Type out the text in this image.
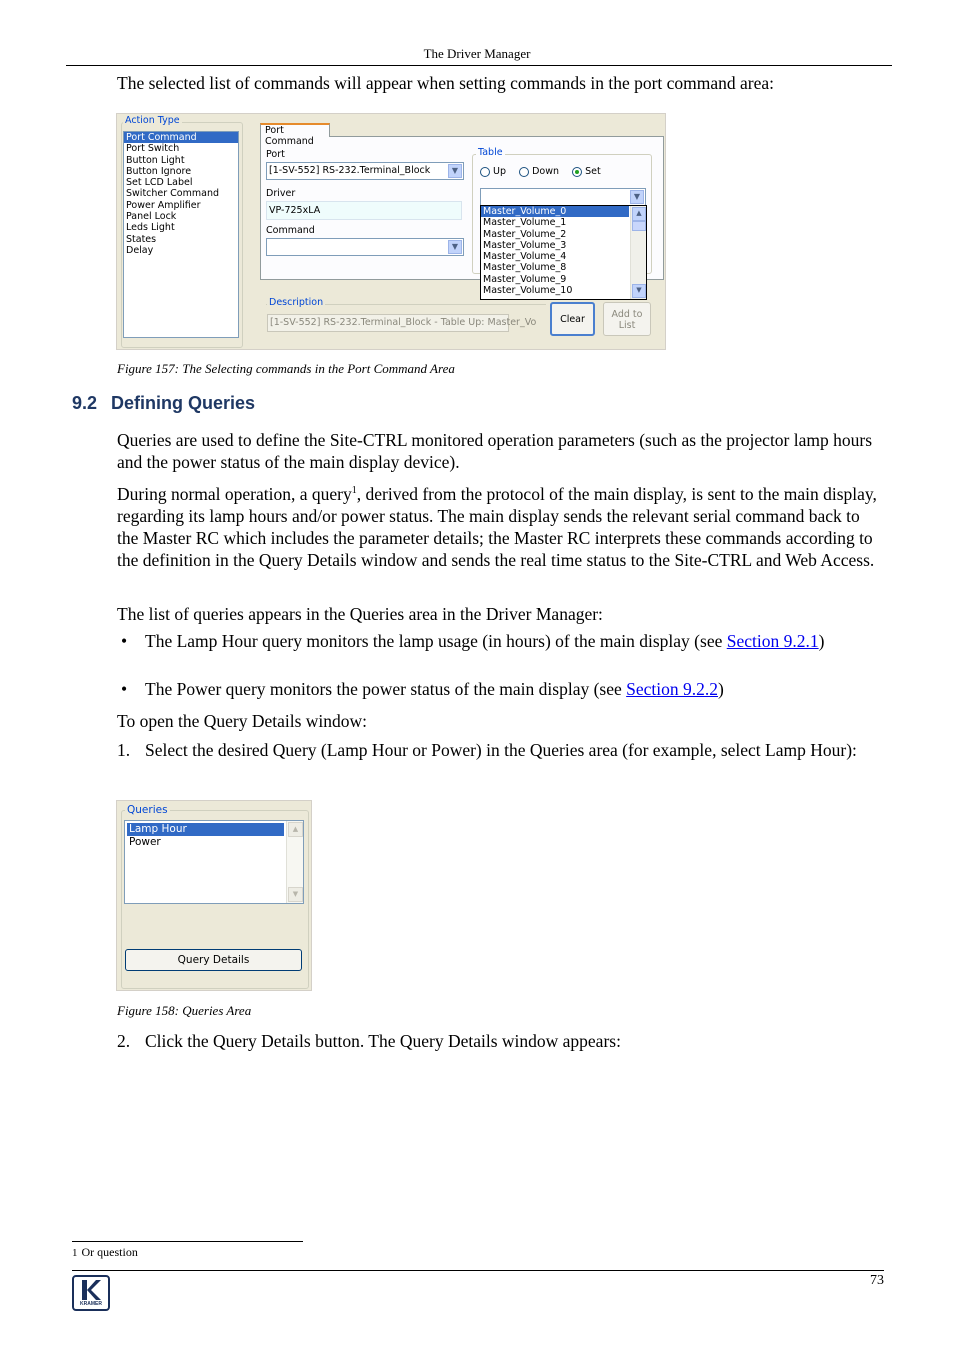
The Driver Manager
The selected list of commands will appear when setting commands in the port command area:
Action Type
Port Command
Port Switch
Button Light
Button Ignore
Set LCD Label
Switcher Command
Power Amplifier
Panel Lock
Leds Light
States
Delay
Port Command
Port
[1-SV-552] RS-232.Terminal_Block	▼
Driver
VP-725xLA
Command
▼
Table
Up	Down	Set
▼
Master_Volume_0
Master_Volume_1
Master_Volume_2
Master_Volume_3
Master_Volume_4
Master_Volume_8
Master_Volume_9
Master_Volume_10
▲
▼
Description
[1-SV-552] RS-232.Terminal_Block - Table Up: Master_Vo	Clear	Add to
List
Figure 157: The Selecting commands in the Port Command Area
9.2 Defining Queries
Queries are used to define the Site-CTRL monitored operation parameters (such as the projector lamp hours and the power status of the main display device).
During normal operation, a query$^1$, derived from the protocol of the main display, is sent to the main display, regarding its lamp hours and/or power status. The main display sends the relevant serial command back to the Master RC which includes the parameter details; the Master RC interprets these commands according to the definition in the Query Details window and sends the real time status to the Site-CTRL and Web Access.
The list of queries appears in the Queries area in the Driver Manager:
• The Lamp Hour query monitors the lamp usage (in hours) of the main display (see Section 9.2.1)
• The Power query monitors the power status of the main display (see Section 9.2.2)
To open the Query Details window:
1. Select the desired Query (Lamp Hour or Power) in the Queries area (for example, select Lamp Hour):
Queries
Lamp Hour
Power
▲
▼
Query Details
Figure 158: Queries Area
2. Click the Query Details button. The Query Details window appears:
1 Or question
KRAMER
73
